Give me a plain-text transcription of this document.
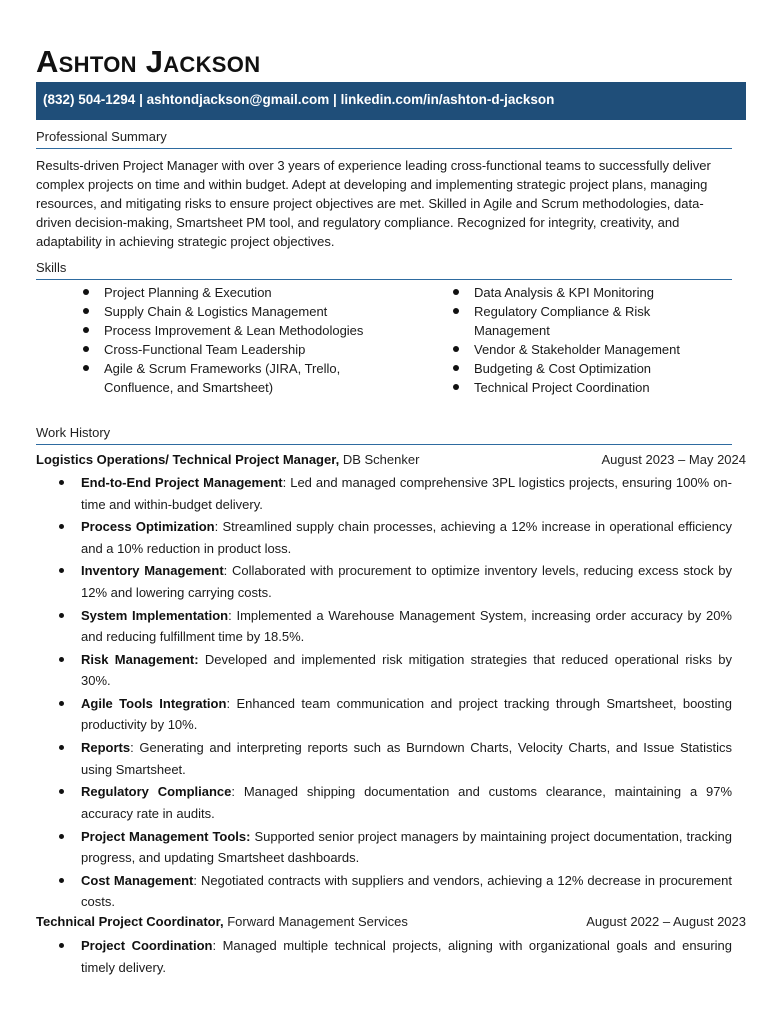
Ashton Jackson
(832) 504-1294 | ashtondjackson@gmail.com | linkedin.com/in/ashton-d-jackson
Professional Summary

Results-driven Project Manager with over 3 years of experience leading cross-functional teams to successfully deliver complex projects on time and within budget. Adept at developing and implementing strategic project plans, managing resources, and mitigating risks to ensure project objectives are met. Skilled in Agile and Scrum methodologies, data-driven decision-making, Smartsheet PM tool, and regulatory compliance. Recognized for integrity, creativity, and adaptability in achieving strategic project objectives.

Skills
Project Planning & Execution
Supply Chain & Logistics Management
Process Improvement & Lean Methodologies
Cross-Functional Team Leadership
Agile & Scrum Frameworks (JIRA, Trello, Confluence, and Smartsheet)
Data Analysis & KPI Monitoring
Regulatory Compliance & Risk Management
Vendor & Stakeholder Management
Budgeting & Cost Optimization
Technical Project Coordination
Work History
Logistics Operations/ Technical Project Manager, DB Schenker	August 2023 – May 2024
End-to-End Project Management: Led and managed comprehensive 3PL logistics projects, ensuring 100% on-time and within-budget delivery.
Process Optimization: Streamlined supply chain processes, achieving a 12% increase in operational efficiency and a 10% reduction in product loss.
Inventory Management: Collaborated with procurement to optimize inventory levels, reducing excess stock by 12% and lowering carrying costs.
System Implementation: Implemented a Warehouse Management System, increasing order accuracy by 20% and reducing fulfillment time by 18.5%.
Risk Management: Developed and implemented risk mitigation strategies that reduced operational risks by 30%.
Agile Tools Integration: Enhanced team communication and project tracking through Smartsheet, boosting productivity by 10%.
Reports: Generating and interpreting reports such as Burndown Charts, Velocity Charts, and Issue Statistics using Smartsheet.
Regulatory Compliance: Managed shipping documentation and customs clearance, maintaining a 97% accuracy rate in audits.
Project Management Tools: Supported senior project managers by maintaining project documentation, tracking progress, and updating Smartsheet dashboards.
Cost Management: Negotiated contracts with suppliers and vendors, achieving a 12% decrease in procurement costs.
Technical Project Coordinator, Forward Management Services	August 2022 – August 2023
Project Coordination: Managed multiple technical projects, aligning with organizational goals and ensuring timely delivery.
